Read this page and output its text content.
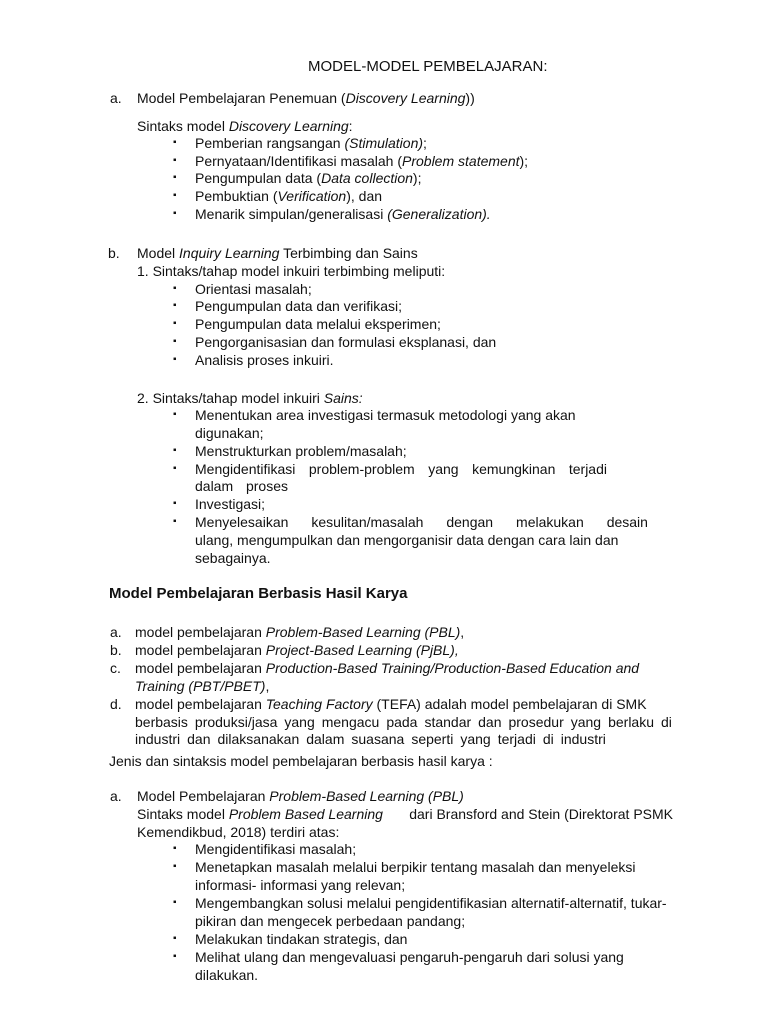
MODEL-MODEL PEMBELAJARAN:
a. Model Pembelajaran Penemuan (Discovery Learning))
Sintaks model Discovery Learning:
▪ Pemberian rangsangan (Stimulation);
▪ Pernyataan/Identifikasi masalah (Problem statement);
▪ Pengumpulan data (Data collection);
▪ Pembuktian (Verification), dan
▪ Menarik simpulan/generalisasi (Generalization).
b. Model Inquiry Learning Terbimbing dan Sains
1. Sintaks/tahap model inkuiri terbimbing meliputi:
▪ Orientasi masalah;
▪ Pengumpulan data dan verifikasi;
▪ Pengumpulan data melalui eksperimen;
▪ Pengorganisasian dan formulasi eksplanasi, dan
▪ Analisis proses inkuiri.
2. Sintaks/tahap model inkuiri Sains:
▪ Menentukan area investigasi termasuk metodologi yang akan
digunakan;
▪ Menstrukturkan problem/masalah;
▪ Mengidentifikasi problem-problem yang kemungkinan terjadi
dalam proses
▪ Investigasi;
▪ Menyelesaikan kesulitan/masalah dengan melakukan desain
ulang, mengumpulkan dan mengorganisir data dengan cara lain dan
sebagainya.
Model Pembelajaran Berbasis Hasil Karya
a. model pembelajaran Problem-Based Learning (PBL),
b. model pembelajaran Project-Based Learning (PjBL),
c. model pembelajaran Production-Based Training/Production-Based Education and
Training (PBT/PBET),
d. model pembelajaran Teaching Factory (TEFA) adalah model pembelajaran di SMK
berbasis produksi/jasa yang mengacu pada standar dan prosedur yang berlaku di
industri dan dilaksanakan dalam suasana seperti yang terjadi di industri
Jenis dan sintaksis model pembelajaran berbasis hasil karya :
a. Model Pembelajaran Problem-Based Learning (PBL)
Sintaks model Problem Based Learning dari Bransford and Stein (Direktorat PSMK
Kemendikbud, 2018) terdiri atas:
▪ Mengidentifikasi masalah;
▪ Menetapkan masalah melalui berpikir tentang masalah dan menyeleksi
informasi- informasi yang relevan;
▪ Mengembangkan solusi melalui pengidentifikasian alternatif-alternatif, tukar-
pikiran dan mengecek perbedaan pandang;
▪ Melakukan tindakan strategis, dan
▪ Melihat ulang dan mengevaluasi pengaruh-pengaruh dari solusi yang
dilakukan.
